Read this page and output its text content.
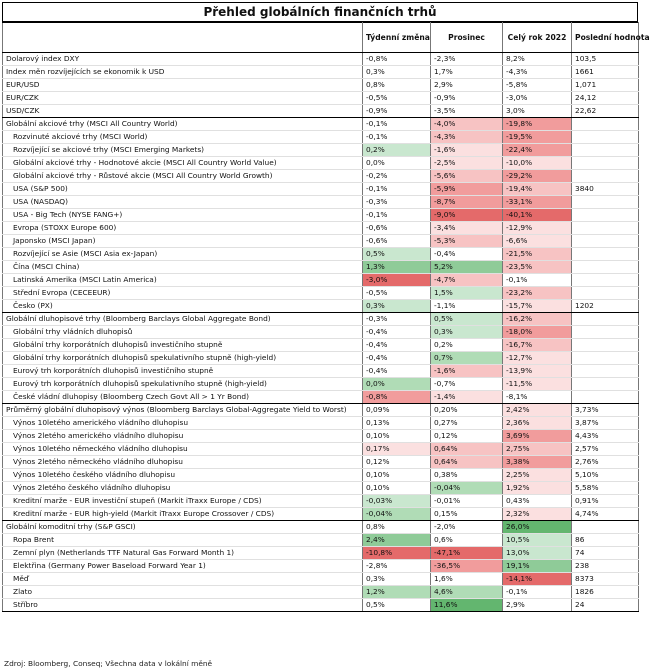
Přehled globálních finančních trhů
	Týdenní změna	Prosinec	Celý rok 2022	Poslední hodnota
Dolarový index DXY	-0,8%	-2,3%	8,2%	103,5
Index měn rozvíjejících se ekonomik k USD	0,3%	1,7%	-4,3%	1661
EUR/USD	0,8%	2,9%	-5,8%	1,071
EUR/CZK	-0,5%	-0,9%	-3,0%	24,12
USD/CZK	-0,9%	-3,5%	3,0%	22,62
Globální akciové trhy (MSCI All Country World)	-0,1%	-4,0%	-19,8%	
Rozvinuté akciové trhy (MSCI World)	-0,1%	-4,3%	-19,5%	
Rozvíjející se akciové trhy (MSCI Emerging Markets)	0,2%	-1,6%	-22,4%	
Globální akciové trhy - Hodnotové akcie (MSCI All Country World Value)	0,0%	-2,5%	-10,0%	
Globální akciové trhy - Růstové akcie (MSCI All Country World Growth)	-0,2%	-5,6%	-29,2%	
USA (S&P 500)	-0,1%	-5,9%	-19,4%	3840
USA (NASDAQ)	-0,3%	-8,7%	-33,1%	
USA - Big Tech (NYSE FANG+)	-0,1%	-9,0%	-40,1%	
Evropa (STOXX Europe 600)	-0,6%	-3,4%	-12,9%	
Japonsko (MSCI Japan)	-0,6%	-5,3%	-6,6%	
Rozvíjející se Asie (MSCI Asia ex-Japan)	0,5%	-0,4%	-21,5%	
Čína (MSCI China)	1,3%	5,2%	-23,5%	
Latinská Amerika (MSCI Latin America)	-3,0%	-4,7%	-0,1%	
Střední Evropa (CECEEUR)	-0,5%	1,5%	-23,2%	
Česko (PX)	0,3%	-1,1%	-15,7%	1202
Globální dluhopisové trhy (Bloomberg Barclays Global Aggregate Bond)	-0,3%	0,5%	-16,2%	
Globální trhy vládních dluhopisů	-0,4%	0,3%	-18,0%	
Globální trhy korporátních dluhopisů investičního stupně	-0,4%	0,2%	-16,7%	
Globální trhy korporátních dluhopisů spekulativního stupně (high-yield)	-0,4%	0,7%	-12,7%	
Eurový trh korporátních dluhopisů investičního stupně	-0,4%	-1,6%	-13,9%	
Eurový trh korporátních dluhopisů spekulativního stupně (high-yield)	0,0%	-0,7%	-11,5%	
České vládní dluhopisy (Bloomberg Czech Govt All > 1 Yr Bond)	-0,8%	-1,4%	-8,1%	
Průměrný globální dluhopisový výnos (Bloomberg Barclays Global-Aggregate Yield to Worst)	0,09%	0,20%	2,42%	3,73%
Výnos 10letého amerického vládního dluhopisu	0,13%	0,27%	2,36%	3,87%
Výnos 2letého amerického vládního dluhopisu	0,10%	0,12%	3,69%	4,43%
Výnos 10letého německého vládního dluhopisu	0,17%	0,64%	2,75%	2,57%
Výnos 2letého německého vládního dluhopisu	0,12%	0,64%	3,38%	2,76%
Výnos 10letého českého vládního dluhopisu	0,10%	0,38%	2,25%	5,10%
Výnos 2letého českého vládního dluhopisu	0,10%	-0,04%	1,92%	5,58%
Kreditní marže - EUR investiční stupeň (Markit iTraxx Europe / CDS)	-0,03%	-0,01%	0,43%	0,91%
Kreditní marže - EUR high-yield (Markit iTraxx Europe Crossover / CDS)	-0,04%	0,15%	2,32%	4,74%
Globální komoditní trhy (S&P GSCI)	0,8%	-2,0%	26,0%	
Ropa Brent	2,4%	0,6%	10,5%	86
Zemní plyn (Netherlands TTF Natural Gas Forward Month 1)	-10,8%	-47,1%	13,0%	74
Elektřina (Germany Power Baseload Forward Year 1)	-2,8%	-36,5%	19,1%	238
Měď	0,3%	1,6%	-14,1%	8373
Zlato	1,2%	4,6%	-0,1%	1826
Stříbro	0,5%	11,6%	2,9%	24
Zdroj: Bloomberg, Conseq; Všechna data v lokální měně
